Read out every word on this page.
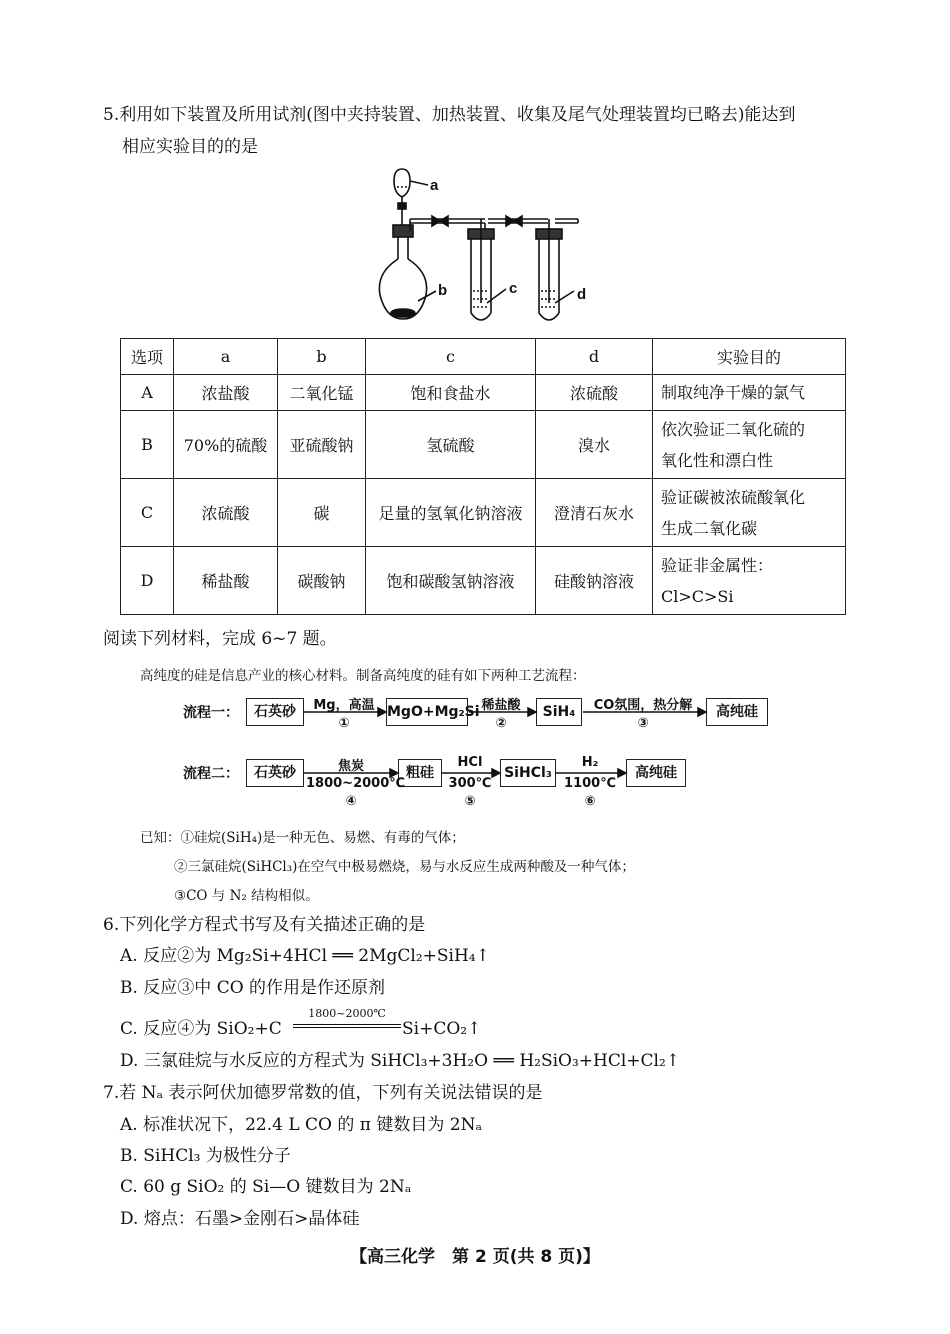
5.利用如下装置及所用试剂(图中夹持装置、加热装置、收集及尾气处理装置均已略去)能达到
相应实验目的的是
a
b	c	d
选项	a	b	c	d	实验目的
A	浓盐酸	二氧化锰	饱和食盐水	浓硫酸	制取纯净干燥的氯气
B	70%的硫酸	亚硫酸钠	氢硫酸	溴水	依次验证二氧化硫的
氧化性和漂白性

C	浓硫酸	碳	足量的氢氧化钠溶液	澄清石灰水	验证碳被浓硫酸氧化
生成二氧化碳

D	稀盐酸	碳酸钠	饱和碳酸氢钠溶液	硅酸钠溶液	验证非金属性：
Cl>C>Si
阅读下列材料，完成 6~7 题。
高纯度的硅是信息产业的核心材料。制备高纯度的硅有如下两种工艺流程：
流程一：	石英砂	MgO+Mg₂Si	SiH₄	高纯硅
Mg，高温
①
稀盐酸
②
CO氛围，热分解
③
流程二：	石英砂	粗硅	SiHCl₃	高纯硅
焦炭
1800~2000℃
④
HCl
300℃
⑤
H₂
1100℃
⑥
已知：①硅烷(SiH₄)是一种无色、易燃、有毒的气体；
②三氯硅烷(SiHCl₃)在空气中极易燃烧，易与水反应生成两种酸及一种气体；
③CO 与 N₂ 结构相似。
6.下列化学方程式书写及有关描述正确的是
A. 反应②为 Mg₂Si+4HCl ══ 2MgCl₂+SiH₄↑
B. 反应③中 CO 的作用是作还原剂
C. 反应④为 SiO₂+C
1800~2000℃
Si+CO₂↑
D. 三氯硅烷与水反应的方程式为 SiHCl₃+3H₂O ══ H₂SiO₃+HCl+Cl₂↑
7.若 Nₐ 表示阿伏加德罗常数的值，下列有关说法错误的是
A. 标准状况下，22.4 L CO 的 π 键数目为 2Nₐ
B. SiHCl₃ 为极性分子
C. 60 g SiO₂ 的 Si—O 键数目为 2Nₐ
D. 熔点：石墨>金刚石>晶体硅
【高三化学　第 2 页(共 8 页)】
